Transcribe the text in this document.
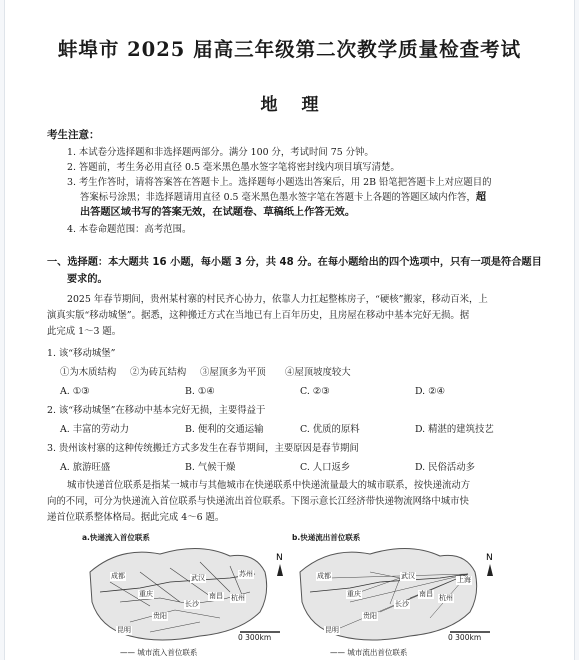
蚌埠市 2025 届高三年级第二次教学质量检查考试
地理
考生注意：
1. 本试卷分选择题和非选择题两部分。满分 100 分，考试时间 75 分钟。
2. 答题前，考生务必用直径 0.5 毫米黑色墨水签字笔将密封线内项目填写清楚。
3. 考生作答时，请将答案答在答题卡上。选择题每小题选出答案后，用 2B 铅笔把答题卡上对应题目的
答案标号涂黑；非选择题请用直径 0.5 毫米黑色墨水签字笔在答题卡上各题的答题区域内作答，超
出答题区域书写的答案无效，在试题卷、草稿纸上作答无效。
4. 本卷命题范围：高考范围。
一、选择题：本大题共 16 小题，每小题 3 分，共 48 分。在每小题给出的四个选项中，只有一项是符合题目
要求的。
2025 年春节期间，贵州某村寨的村民齐心协力，依靠人力扛起整栋房子，“硬核”搬家，移动百米，上
演真实版“移动城堡”。据悉，这种搬迁方式在当地已有上百年历史，且房屋在移动中基本完好无损。据
此完成 1～3 题。
1. 该“移动城堡”
①为木质结构 ②为砖瓦结构 ③屋顶多为平顶 ④屋顶坡度较大
A. ①③	B. ①④	C. ②③	D. ②④
2. 该“移动城堡”在移动中基本完好无损，主要得益于
A. 丰富的劳动力	B. 便利的交通运输	C. 优质的原料	D. 精湛的建筑技艺
3. 贵州该村寨的这种传统搬迁方式多发生在春节期间，主要原因是春节期间
A. 旅游旺盛	B. 气候干燥	C. 人口返乡	D. 民俗活动多
城市快递首位联系是指某一城市与其他城市在快递联系中快递流量最大的城市联系，按快递流动方
向的不同，可分为快递流入首位联系与快递流出首位联系。下图示意长江经济带快递物流网络中城市快
递首位联系整体格局。据此完成 4～6 题。
a.快递流入首位联系
N
成都
重庆
武汉	苏州
杭州
长沙
南昌
贵阳
昆明
—— 城市流入首位联系
0 300km
b.快递流出首位联系
N
成都
重庆
武汉	上海
杭州
长沙
南昌
贵阳
昆明
—— 城市流出首位联系
0 300km
